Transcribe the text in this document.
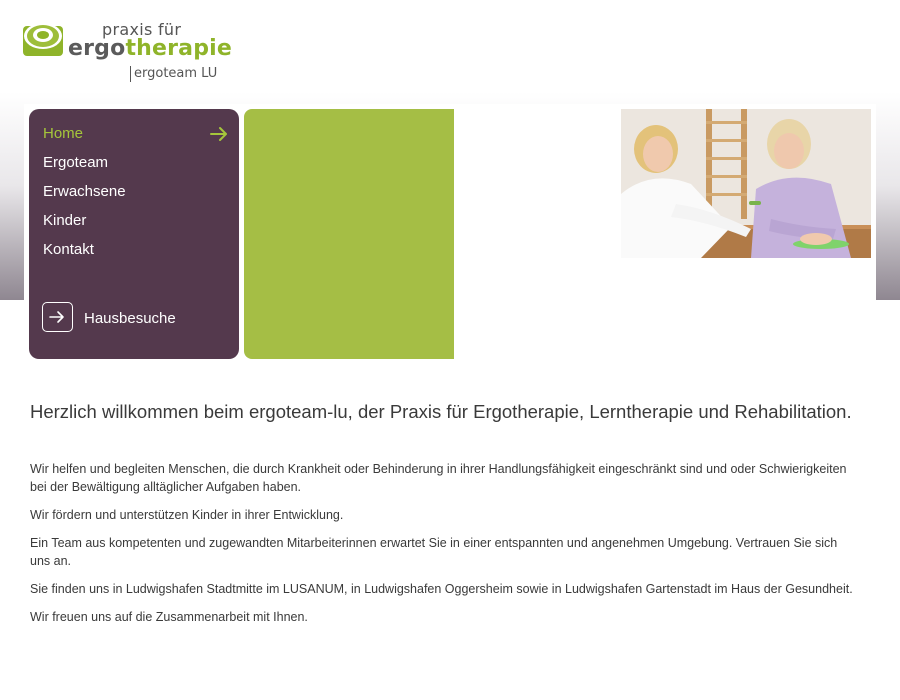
praxis für
ergotherapie
ergoteam LU
Home
Ergoteam
Erwachsene
Kinder
Kontakt
Hausbesuche
Herzlich willkommen beim ergoteam-lu, der Praxis für Ergotherapie, Lerntherapie und Rehabilitation.

Wir helfen und begleiten Menschen, die durch Krankheit oder Behinderung in ihrer Handlungsfähigkeit eingeschränkt sind und oder Schwierigkeiten bei der Bewältigung alltäglicher Aufgaben haben.

Wir fördern und unterstützen Kinder in ihrer Entwicklung.

Ein Team aus kompetenten und zugewandten Mitarbeiterinnen erwartet Sie in einer entspannten und angenehmen Umgebung. Vertrauen Sie sich uns an.

Sie finden uns in Ludwigshafen Stadtmitte im LUSANUM, in Ludwigshafen Oggersheim sowie in Ludwigshafen Gartenstadt im Haus der Gesundheit.

Wir freuen uns auf die Zusammenarbeit mit Ihnen.
